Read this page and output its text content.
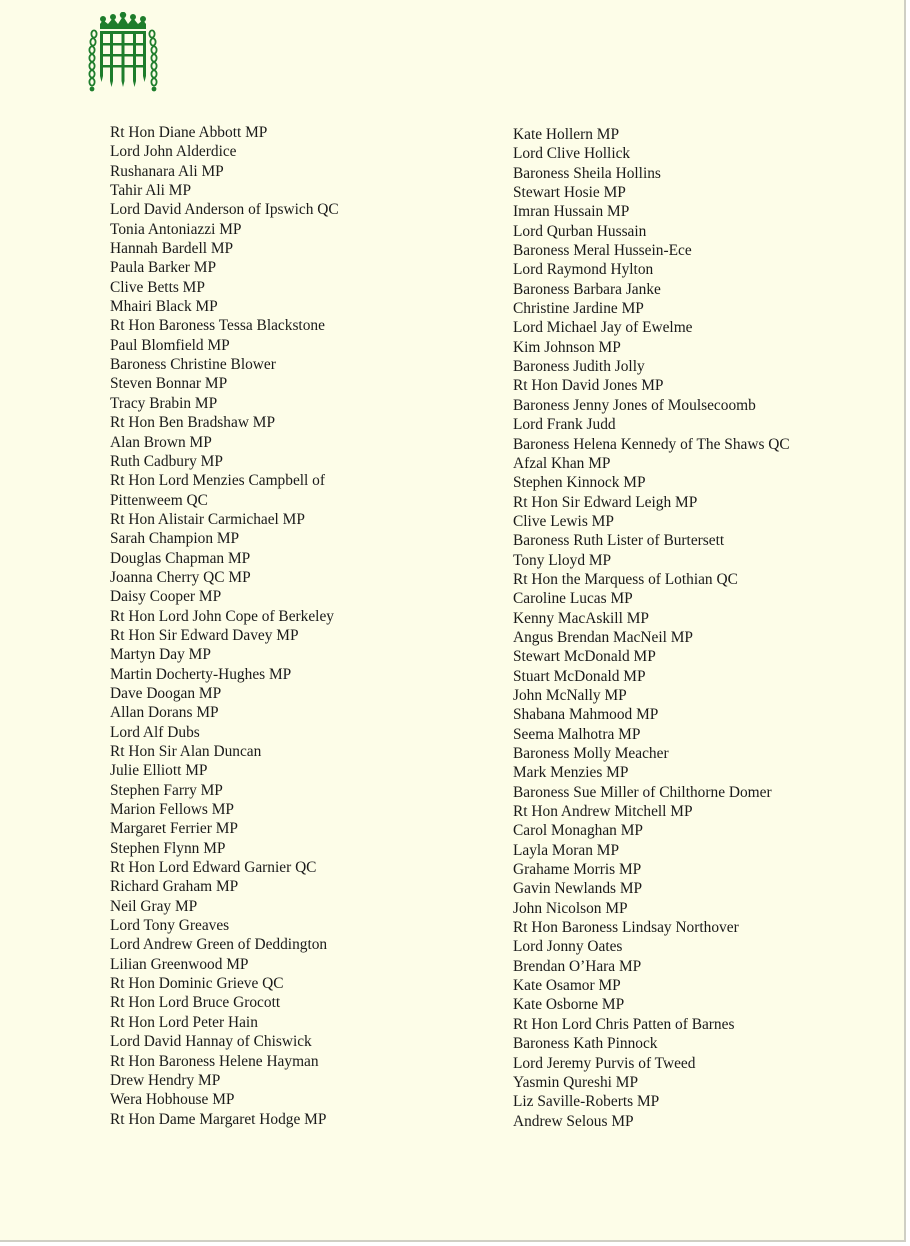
Rt Hon Diane Abbott MP
Lord John Alderdice
Rushanara Ali MP
Tahir Ali MP
Lord David Anderson of Ipswich QC
Tonia Antoniazzi MP
Hannah Bardell MP
Paula Barker MP
Clive Betts MP
Mhairi Black MP
Rt Hon Baroness Tessa Blackstone
Paul Blomfield MP
Baroness Christine Blower
Steven Bonnar MP
Tracy Brabin MP
Rt Hon Ben Bradshaw MP
Alan Brown MP
Ruth Cadbury MP
Rt Hon Lord Menzies Campbell of
Pittenweem QC
Rt Hon Alistair Carmichael MP
Sarah Champion MP
Douglas Chapman MP
Joanna Cherry QC MP
Daisy Cooper MP
Rt Hon Lord John Cope of Berkeley
Rt Hon Sir Edward Davey MP
Martyn Day MP
Martin Docherty-Hughes MP
Dave Doogan MP
Allan Dorans MP
Lord Alf Dubs
Rt Hon Sir Alan Duncan
Julie Elliott MP
Stephen Farry MP
Marion Fellows MP
Margaret Ferrier MP
Stephen Flynn MP
Rt Hon Lord Edward Garnier QC
Richard Graham MP
Neil Gray MP
Lord Tony Greaves
Lord Andrew Green of Deddington
Lilian Greenwood MP
Rt Hon Dominic Grieve QC
Rt Hon Lord Bruce Grocott
Rt Hon Lord Peter Hain
Lord David Hannay of Chiswick
Rt Hon Baroness Helene Hayman
Drew Hendry MP
Wera Hobhouse MP
Rt Hon Dame Margaret Hodge MP
Kate Hollern MP
Lord Clive Hollick
Baroness Sheila Hollins
Stewart Hosie MP
Imran Hussain MP
Lord Qurban Hussain
Baroness Meral Hussein-Ece
Lord Raymond Hylton
Baroness Barbara Janke
Christine Jardine MP
Lord Michael Jay of Ewelme
Kim Johnson MP
Baroness Judith Jolly
Rt Hon David Jones MP
Baroness Jenny Jones of Moulsecoomb
Lord Frank Judd
Baroness Helena Kennedy of The Shaws QC
Afzal Khan MP
Stephen Kinnock MP
Rt Hon Sir Edward Leigh MP
Clive Lewis MP
Baroness Ruth Lister of Burtersett
Tony Lloyd MP
Rt Hon the Marquess of Lothian QC
Caroline Lucas MP
Kenny MacAskill MP
Angus Brendan MacNeil MP
Stewart McDonald MP
Stuart McDonald MP
John McNally MP
Shabana Mahmood MP
Seema Malhotra MP
Baroness Molly Meacher
Mark Menzies MP
Baroness Sue Miller of Chilthorne Domer
Rt Hon Andrew Mitchell MP
Carol Monaghan MP
Layla Moran MP
Grahame Morris MP
Gavin Newlands MP
John Nicolson MP
Rt Hon Baroness Lindsay Northover
Lord Jonny Oates
Brendan O’Hara MP
Kate Osamor MP
Kate Osborne MP
Rt Hon Lord Chris Patten of Barnes
Baroness Kath Pinnock
Lord Jeremy Purvis of Tweed
Yasmin Qureshi MP
Liz Saville-Roberts MP
Andrew Selous MP
